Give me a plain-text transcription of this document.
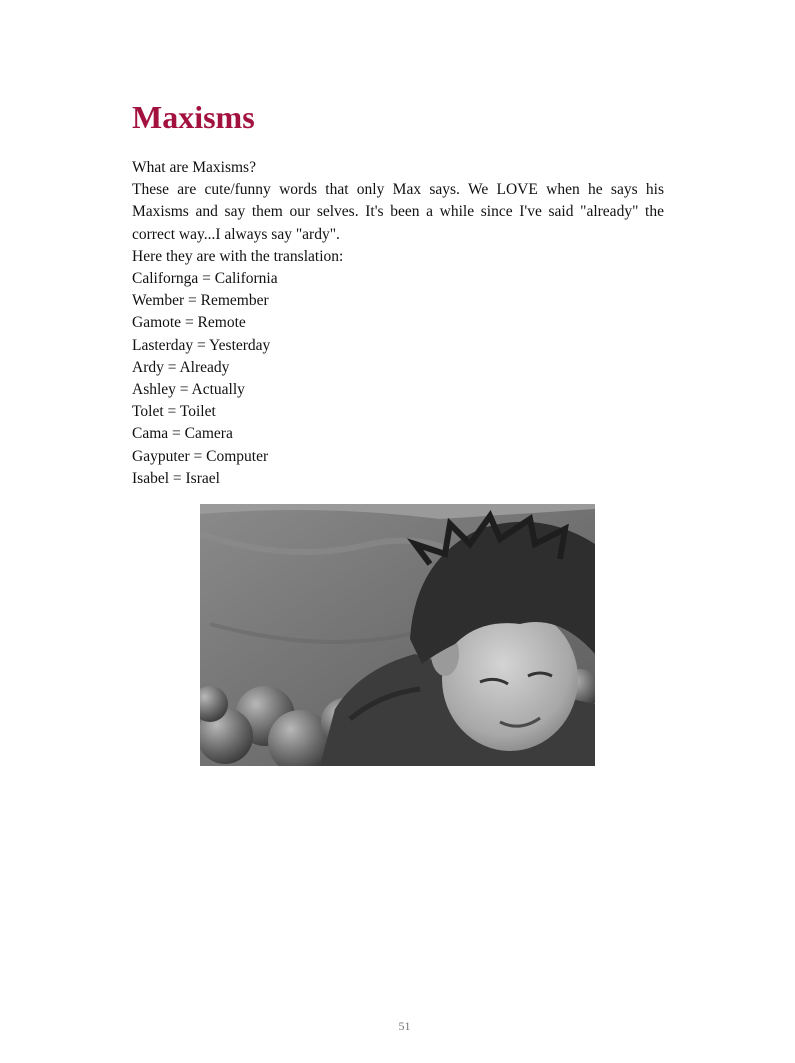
Maxisms

What are Maxisms?

These are cute/funny words that only Max says. We LOVE when he says his Maxisms and say them our selves. It's been a while since I've said "already" the correct way...I always say "ardy".

Here they are with the translation:

Californga = California
Wember = Remember
Gamote = Remote
Lasterday = Yesterday
Ardy = Already
Ashley = Actually
Tolet = Toilet
Cama = Camera
Gayputer = Computer
Isabel = Israel
51
